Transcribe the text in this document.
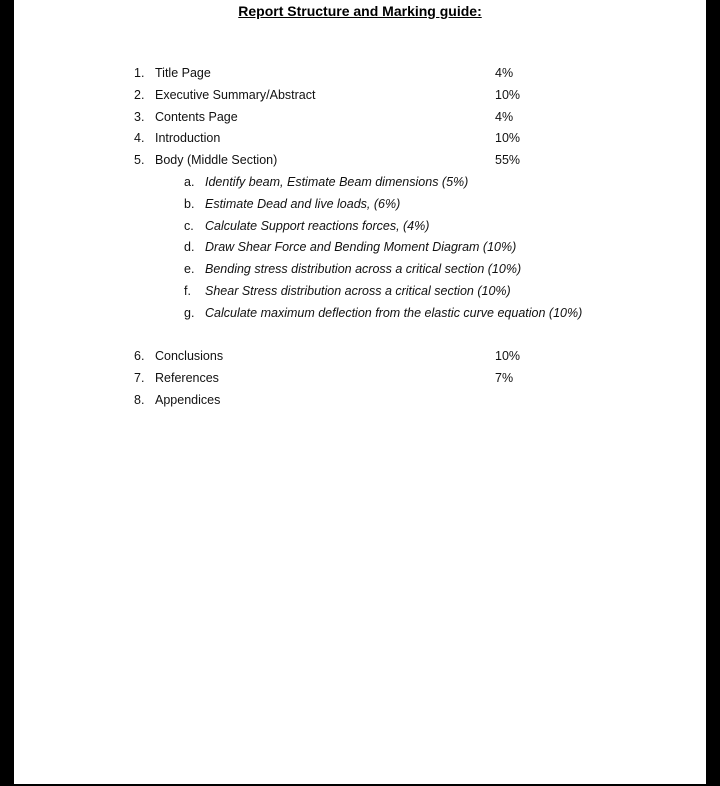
Report Structure and Marking guide:
1. Title Page	4%
2. Executive Summary/Abstract	10%
3. Contents Page	4%
4. Introduction	10%
5. Body (Middle Section)	55%
a. Identify beam, Estimate Beam dimensions (5%)
b. Estimate Dead and live loads, (6%)
c. Calculate Support reactions forces, (4%)
d. Draw Shear Force and Bending Moment Diagram (10%)
e. Bending stress distribution across a critical section (10%)
f. Shear Stress distribution across a critical section (10%)
g. Calculate maximum deflection from the elastic curve equation (10%)
6. Conclusions	10%
7. References	7%
8. Appendices
